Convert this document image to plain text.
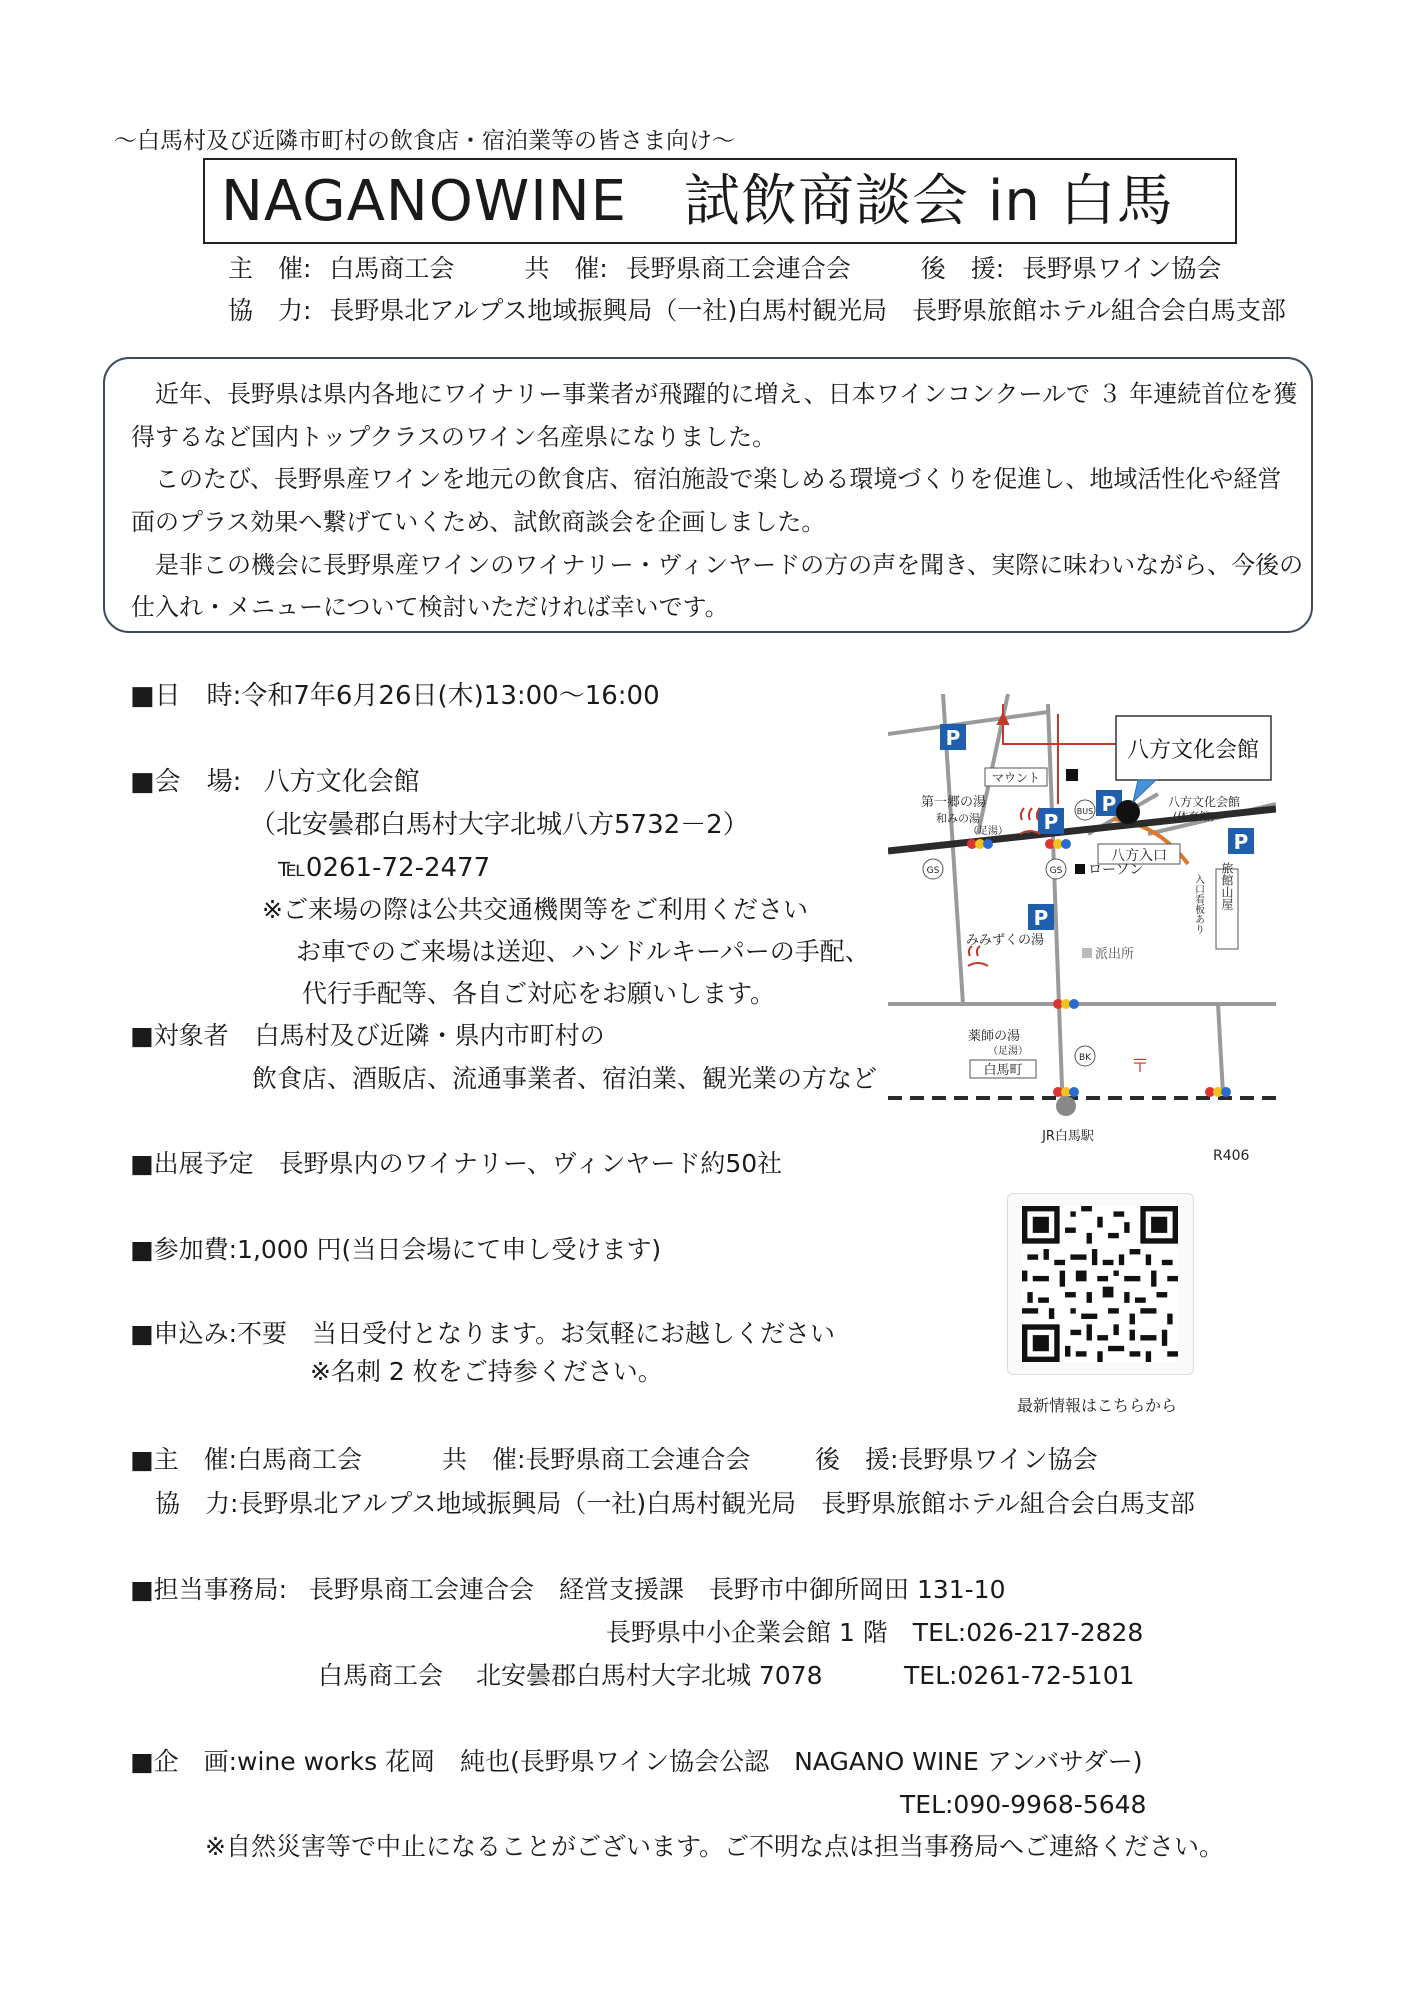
〜白馬村及び近隣市町村の飲食店・宿泊業等の皆さま向け〜
NAGANOWINE　試飲商談会 in 白馬
主　催: 白馬商工会	共　催: 長野県商工会連合会	後　援: 長野県ワイン協会
協　力: 長野県北アルプス地域振興局（一社)白馬村観光局　長野県旅館ホテル組合会白馬支部
　近年、長野県は県内各地にワイナリー事業者が飛躍的に増え、日本ワインコンクールで ３ 年連続首位を獲
得するなど国内トップクラスのワイン名産県になりました。
　このたび、長野県産ワインを地元の飲食店、宿泊施設で楽しめる環境づくりを促進し、地域活性化や経営
面のプラス効果へ繋げていくため、試飲商談会を企画しました。
　是非この機会に長野県産ワインのワイナリー・ヴィンヤードの方の声を聞き、実際に味わいながら、今後の
仕入れ・メニューについて検討いただければ幸いです。
■日　時:令和7年6月26日(木)13:00〜16:00
■会　場: 八方文化会館
（北安曇郡白馬村大字北城八方5732－2）
℡0261-72-2477
※ご来場の際は公共交通機関等をご利用ください
お車でのご来場は送迎、ハンドルキーパーの手配、
代行手配等、各自ご対応をお願いします。
■対象者 白馬村及び近隣・県内市町村の
飲食店、酒販店、流通事業者、宿泊業、観光業の方など
■出展予定　長野県内のワイナリー、ヴィンヤード約50社
■参加費:1,000 円(当日会場にて申し受けます)
■申込み:不要　当日受付となります。お気軽にお越しください
※名刺 2 枚をご持参ください。
P
P
P
P
P
八方文化会館
マウント
第一郷の湯
和みの湯
（足湯）
八方文化会館
(体育館)
八方入口
ローソン
みみずくの湯
派出所
薬師の湯
（足湯）
白馬町
JR白馬駅
R406
旅館山屋
入口看板あり
GS	GS
BUS
BK 〒
最新情報はこちらから
■主　催:白馬商工会	共　催:長野県商工会連合会	後　援:長野県ワイン協会
協　力:長野県北アルプス地域振興局（一社)白馬村観光局　長野県旅館ホテル組合会白馬支部
■担当事務局: 長野県商工会連合会　経営支援課　長野市中御所岡田 131-10
長野県中小企業会館 1 階　TEL:026-217-2828
白馬商工会　 北安曇郡白馬村大字北城 7078	TEL:0261-72-5101
■企　画:wine works 花岡　純也(長野県ワイン協会公認　NAGANO WINE アンバサダー)
TEL:090-9968-5648
※自然災害等で中止になることがございます。ご不明な点は担当事務局へご連絡ください。
